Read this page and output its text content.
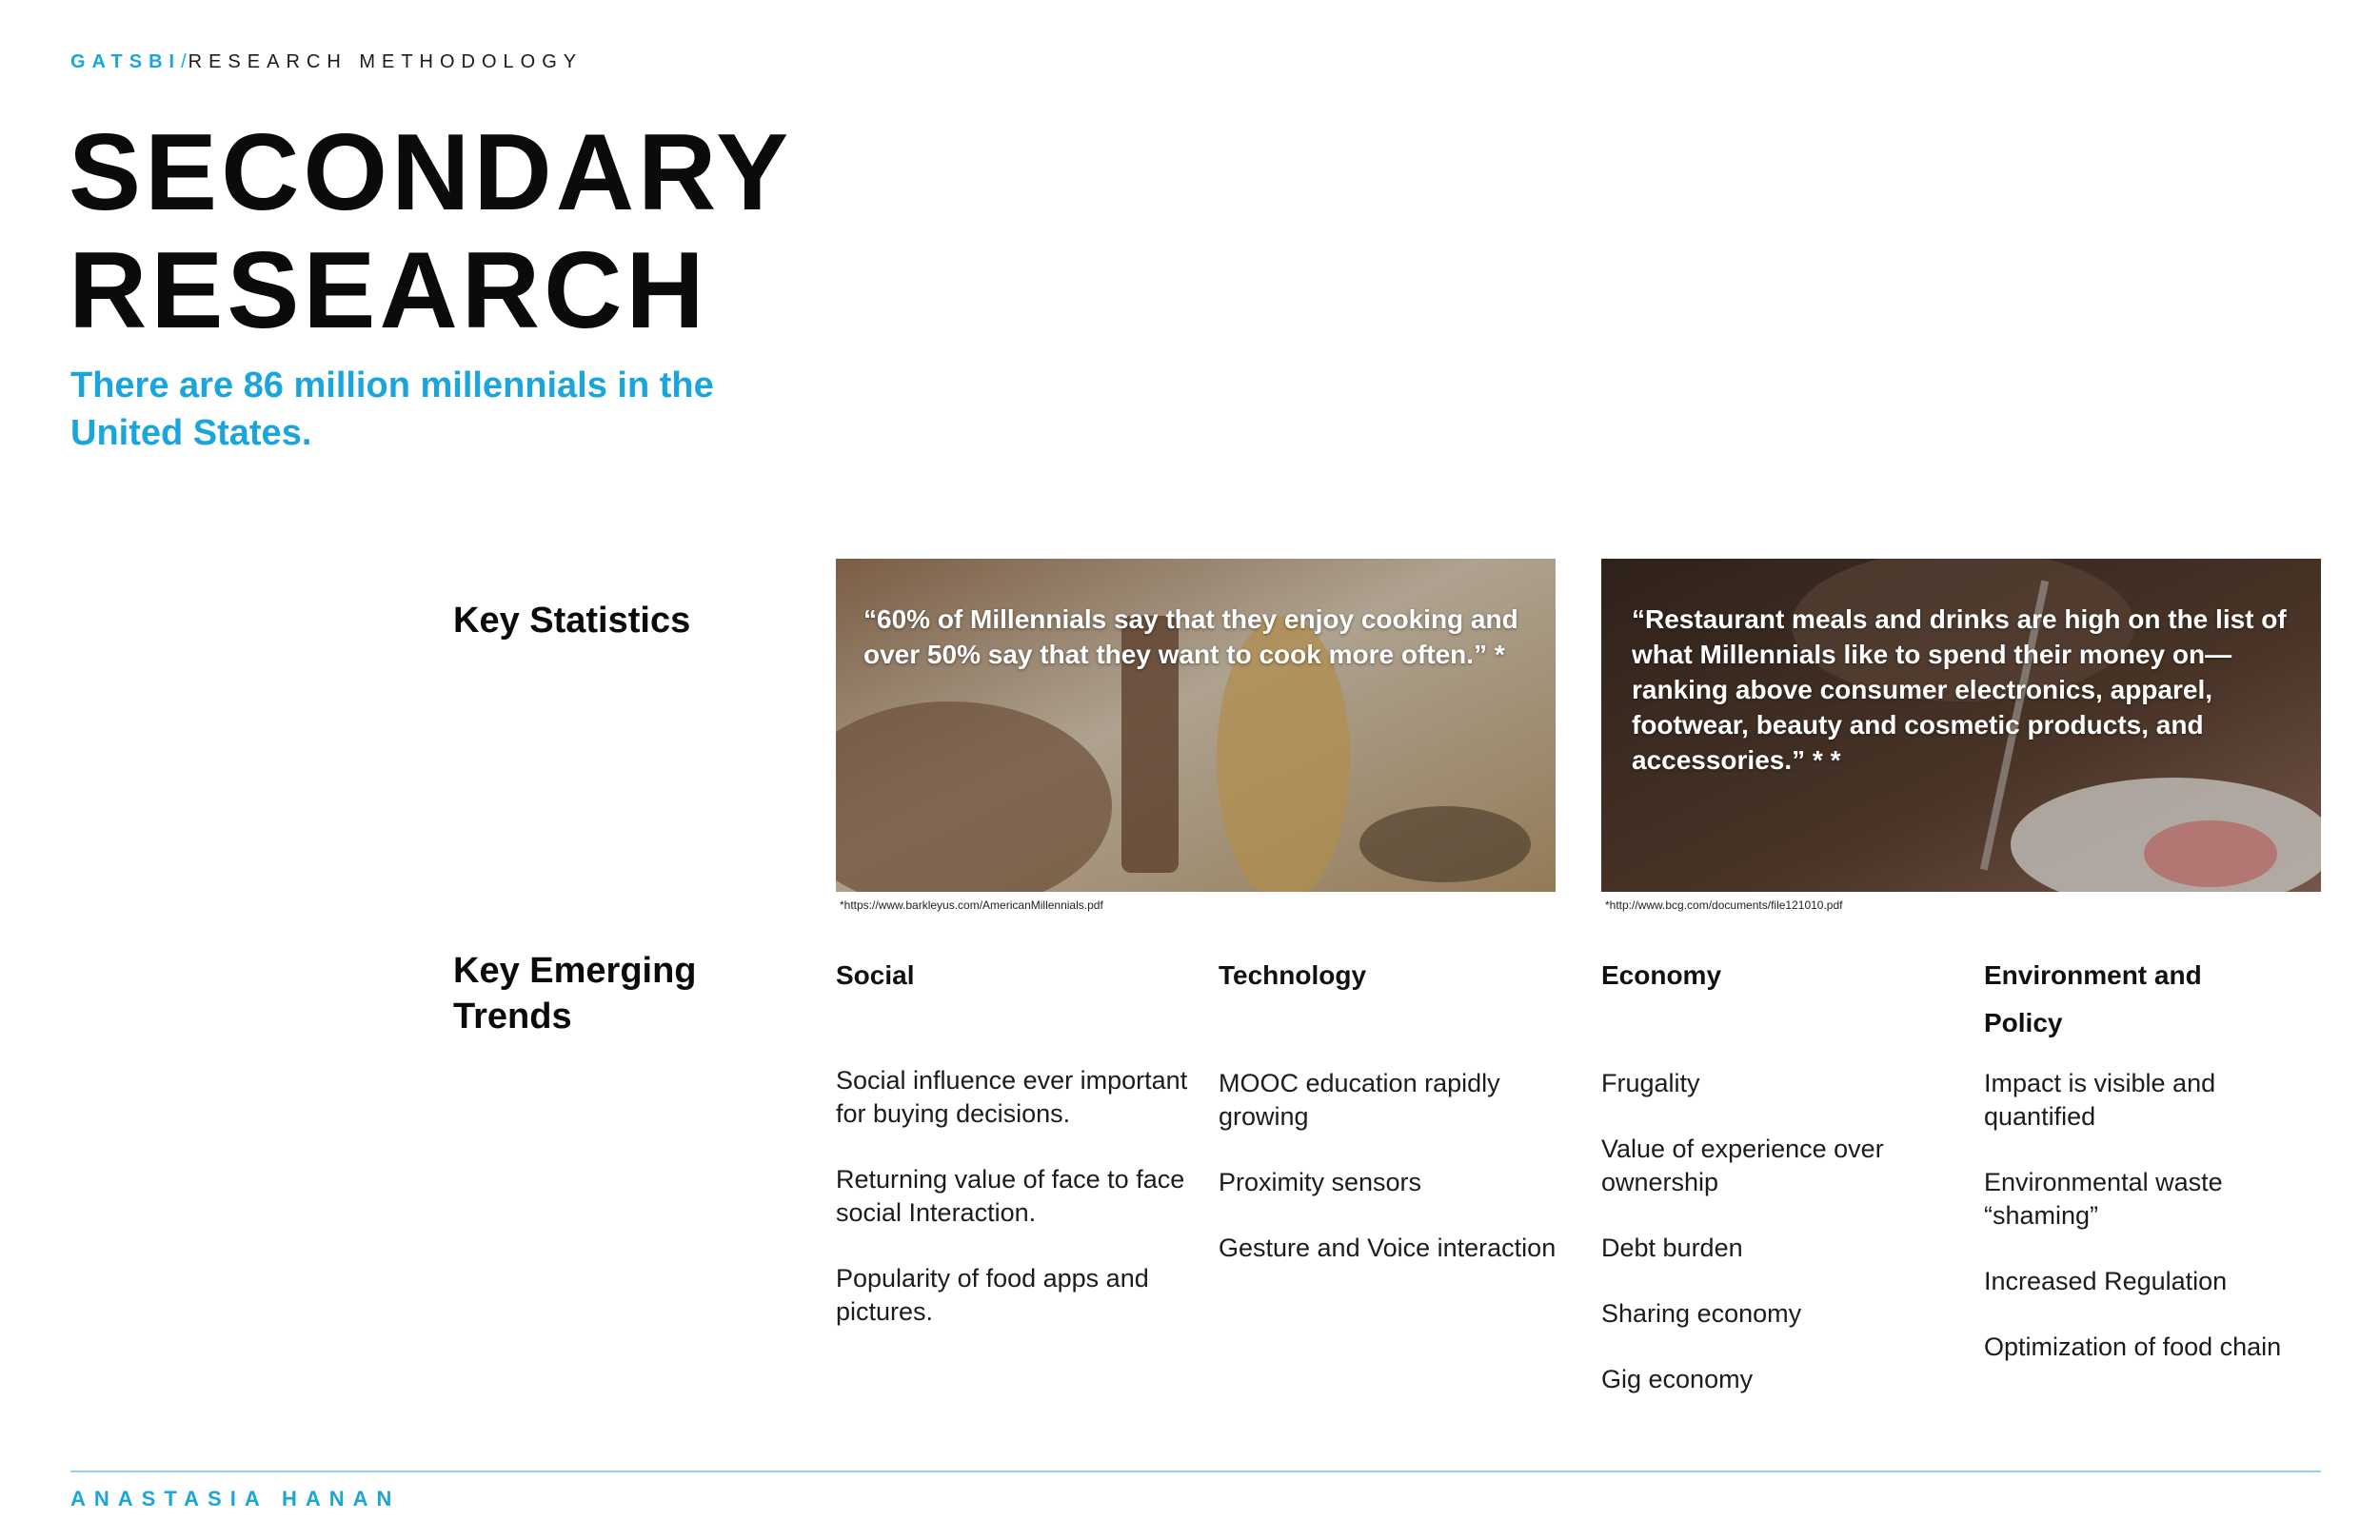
GATSBI/RESEARCH METHODOLOGY
SECONDARY
RESEARCH

There are 86 million millennials in the United States.

Key Statistics	“60% of Millennials say that they enjoy cooking and over 50% say that they want to cook more often.” *

*https://www.barkleyus.com/AmericanMillennials.pdf

“Restaurant meals and drinks are high on the list of what Millennials like to spend their money on—ranking above consumer electronics, apparel, footwear, beauty and cosmetic products, and accessories.” * *

*http://www.bcg.com/documents/file121010.pdf
Key Emerging Trends
Social
Social influence ever important for buying decisions.
Returning value of face to face social Interaction.
Popularity of food apps and pictures.
Technology
MOOC education rapidly growing
Proximity sensors
Gesture and Voice interaction
Economy
Frugality
Value of experience over ownership
Debt burden
Sharing economy
Gig economy
Environment and Policy
Impact is visible and quantified
Environmental waste “shaming”
Increased Regulation
Optimization of food chain
ANASTASIA HANAN
